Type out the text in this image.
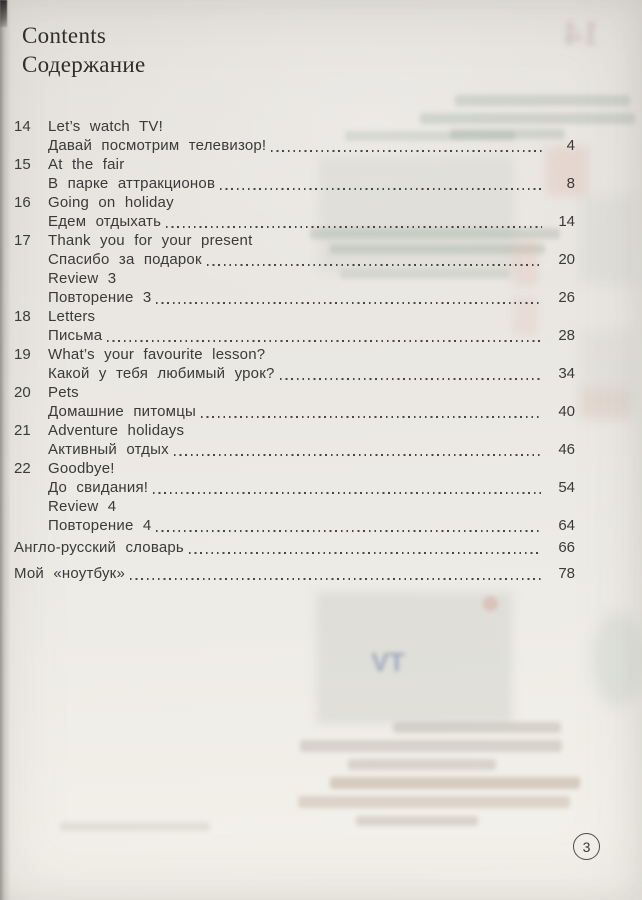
14
TV
Contents
Содержание
14	Let’s watch TV!
Давай посмотрим телевизор!	4
15	At the fair
В парке аттракционов	8
16	Going on holiday
Едем отдыхать	14
17	Thank you for your present
Спасибо за подарок	20
Review 3
Повторение 3	26
18	Letters
Письма	28
19	What’s your favourite lesson?
Какой у тебя любимый урок?	34
20	Pets
Домашние питомцы	40
21	Adventure holidays
Активный отдых	46
22	Goodbye!
До свидания!	54
Review 4
Повторение 4	64
Англо-русский словарь	66
Мой «ноутбук»	78
3
